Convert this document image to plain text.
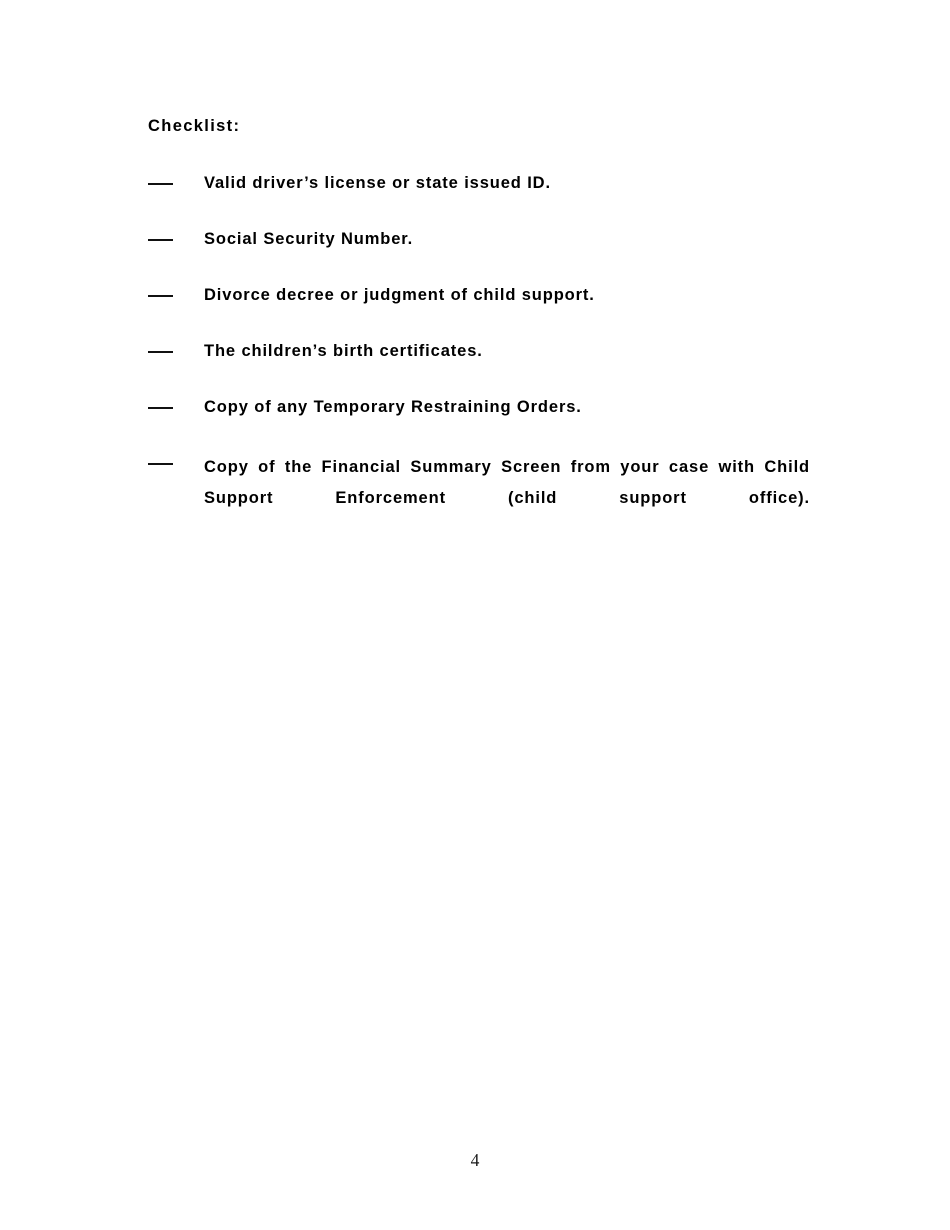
Checklist:
Valid driver’s license or state issued ID.
Social Security Number.
Divorce decree or judgment of child support.
The children’s birth certificates.
Copy of any Temporary Restraining Orders.
Copy of the Financial Summary Screen from your case with Child Support Enforcement (child support office).
4
